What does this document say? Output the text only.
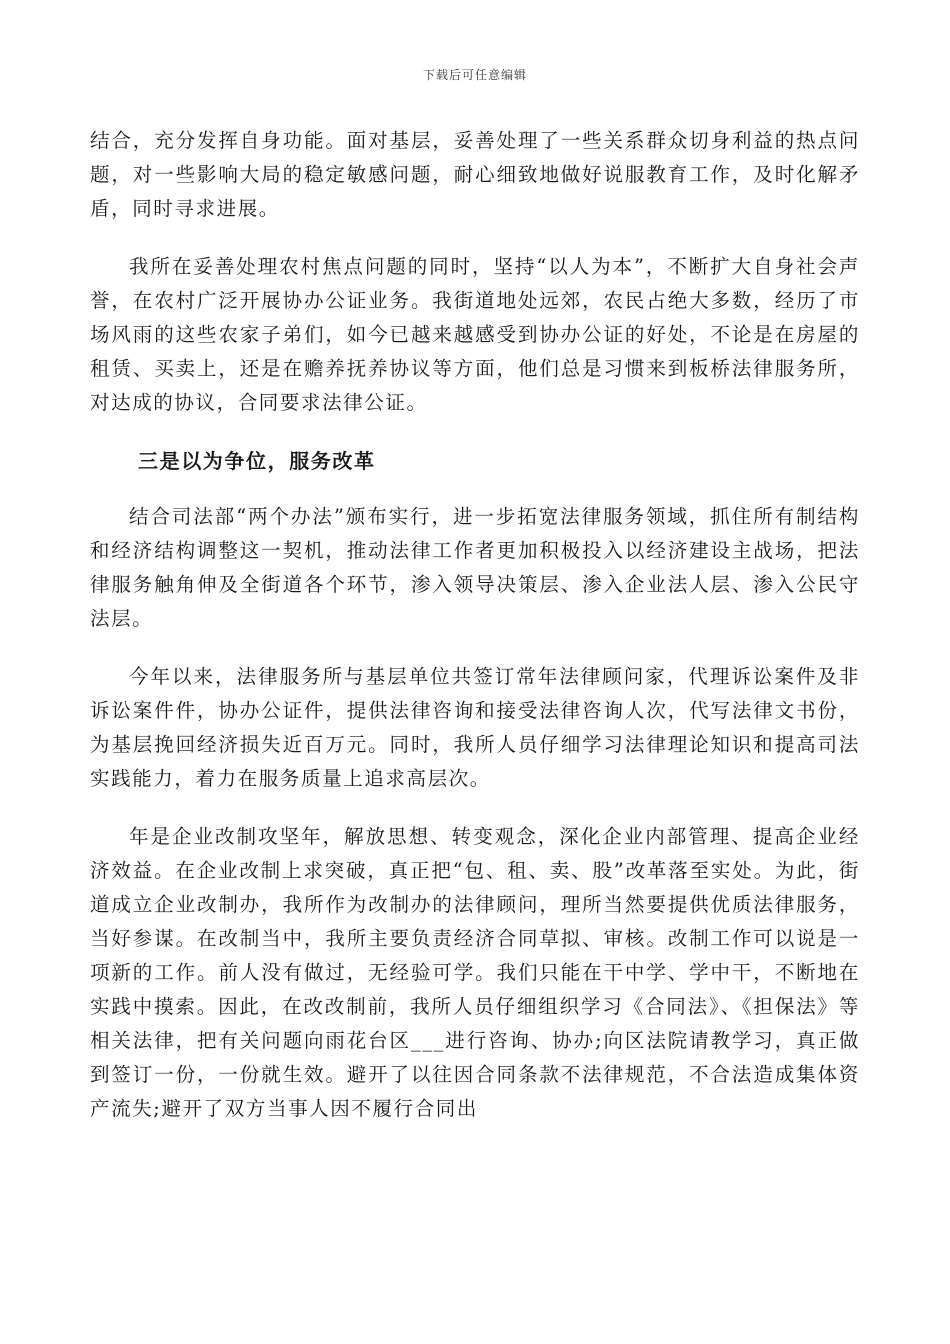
下载后可任意编辑

结合，充分发挥自身功能。面对基层，妥善处理了一些关系群众切身利益的热点问题，对一些影响大局的稳定敏感问题，耐心细致地做好说服教育工作，及时化解矛盾，同时寻求进展。

我所在妥善处理农村焦点问题的同时，坚持“以人为本”，不断扩大自身社会声誉，在农村广泛开展协办公证业务。我街道地处远郊，农民占绝大多数，经历了市场风雨的这些农家子弟们，如今已越来越感受到协办公证的好处，不论是在房屋的租赁、买卖上，还是在赡养抚养协议等方面，他们总是习惯来到板桥法律服务所，对达成的协议，合同要求法律公证。

三是以为争位，服务改革

结合司法部“两个办法”颁布实行，进一步拓宽法律服务领域，抓住所有制结构和经济结构调整这一契机，推动法律工作者更加积极投入以经济建设主战场，把法律服务触角伸及全街道各个环节，渗入领导决策层、渗入企业法人层、渗入公民守法层。

今年以来，法律服务所与基层单位共签订常年法律顾问家，代理诉讼案件及非诉讼案件件，协办公证件，提供法律咨询和接受法律咨询人次，代写法律文书份，为基层挽回经济损失近百万元。同时，我所人员仔细学习法律理论知识和提高司法实践能力，着力在服务质量上追求高层次。

年是企业改制攻坚年，解放思想、转变观念，深化企业内部管理、提高企业经济效益。在企业改制上求突破，真正把“包、租、卖、股”改革落至实处。为此，街道成立企业改制办，我所作为改制办的法律顾问，理所当然要提供优质法律服务，当好参谋。在改制当中，我所主要负责经济合同草拟、审核。改制工作可以说是一项新的工作。前人没有做过，无经验可学。我们只能在干中学、学中干，不断地在实践中摸索。因此，在改改制前，我所人员仔细组织学习《合同法》、《担保法》等相关法律，把有关问题向雨花台区___进行咨询、协办;向区法院请教学习，真正做到签订一份，一份就生效。避开了以往因合同条款不法律规范，不合法造成集体资产流失;避开了双方当事人因不履行合同出
